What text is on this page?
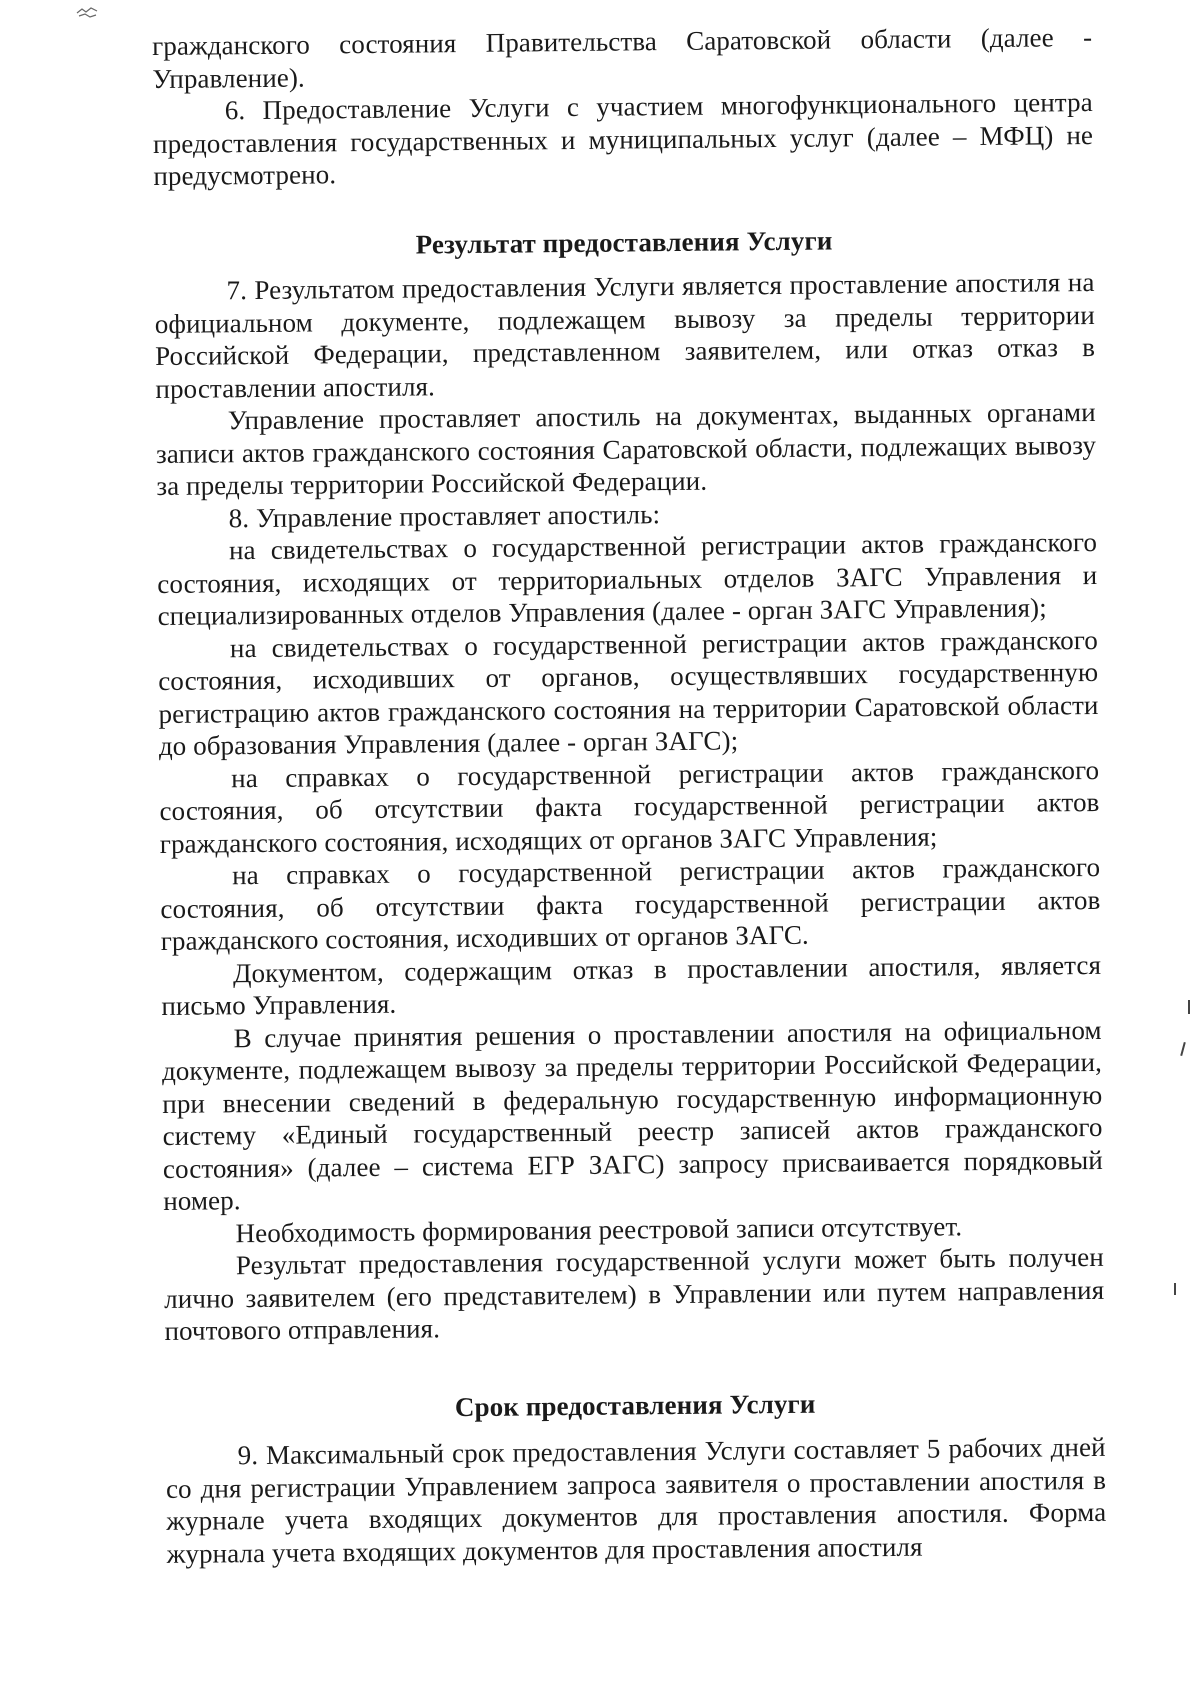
гражданского состояния Правительства Саратовской области (далее - Управление).

6. Предоставление Услуги с участием многофункционального центра предоставления государственных и муниципальных услуг (далее – МФЦ) не предусмотрено.

Результат предоставления Услуги

7. Результатом предоставления Услуги является проставление апостиля на официальном документе, подлежащем вывозу за пределы территории Российской Федерации, представленном заявителем, или отказ отказ в проставлении апостиля.

Управление проставляет апостиль на документах, выданных органами записи актов гражданского состояния Саратовской области, подлежащих вывозу за пределы территории Российской Федерации.

8. Управление проставляет апостиль:

на свидетельствах о государственной регистрации актов гражданского состояния, исходящих от территориальных отделов ЗАГС Управления и специализированных отделов Управления (далее - орган ЗАГС Управления);

на свидетельствах о государственной регистрации актов гражданского состояния, исходивших от органов, осуществлявших государственную регистрацию актов гражданского состояния на территории Саратовской области до образования Управления (далее - орган ЗАГС);

на справках о государственной регистрации актов гражданского состояния, об отсутствии факта государственной регистрации актов гражданского состояния, исходящих от органов ЗАГС Управления;

на справках о государственной регистрации актов гражданского состояния, об отсутствии факта государственной регистрации актов гражданского состояния, исходивших от органов ЗАГС.

Документом, содержащим отказ в проставлении апостиля, является письмо Управления.

В случае принятия решения о проставлении апостиля на официальном документе, подлежащем вывозу за пределы территории Российской Федерации, при внесении сведений в федеральную государственную информационную систему «Единый государственный реестр записей актов гражданского состояния» (далее – система ЕГР ЗАГС) запросу присваивается порядковый номер.

Необходимость формирования реестровой записи отсутствует.

Результат предоставления государственной услуги может быть получен лично заявителем (его представителем) в Управлении или путем направления почтового отправления.

Срок предоставления Услуги

9. Максимальный срок предоставления Услуги составляет 5 рабочих дней со дня регистрации Управлением запроса заявителя о проставлении апостиля в журнале учета входящих документов для проставления апостиля. Форма журнала учета входящих документов для проставления апостиля
